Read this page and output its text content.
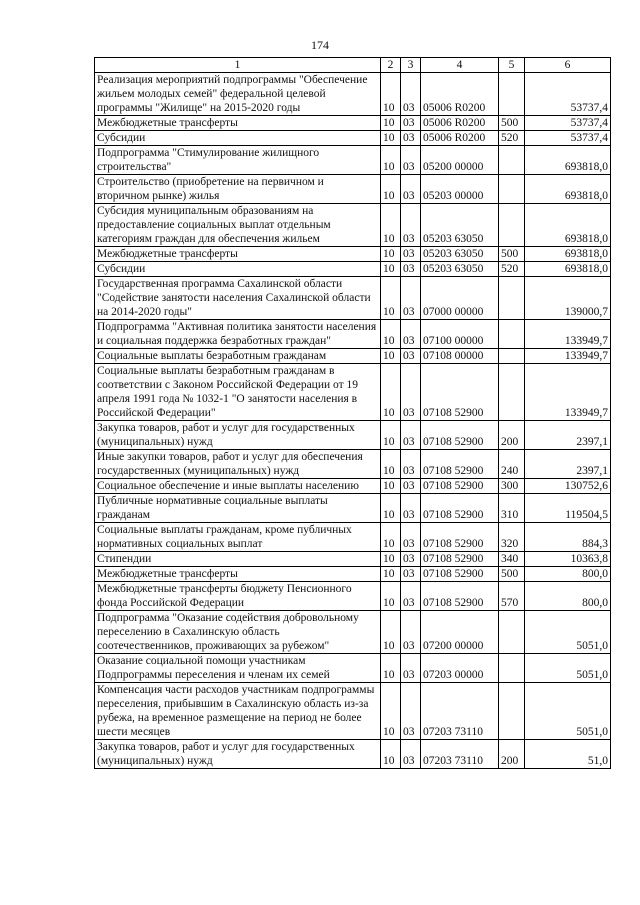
174
1	2	3	4	5	6
Реализация мероприятий подпрограммы "Обеспечение жильем молодых семей" федеральной целевой программы "Жилище" на 2015-2020 годы	10	03	05006 R0200		53737,4
Межбюджетные трансферты	10	03	05006 R0200	500	53737,4
Субсидии	10	03	05006 R0200	520	53737,4
Подпрограмма "Стимулирование жилищного строительства"	10	03	05200 00000		693818,0
Строительство (приобретение на первичном и вторичном рынке) жилья	10	03	05203 00000		693818,0
Субсидия муниципальным образованиям на предоставление социальных выплат отдельным категориям граждан для обеспечения жильем	10	03	05203 63050		693818,0
Межбюджетные трансферты	10	03	05203 63050	500	693818,0
Субсидии	10	03	05203 63050	520	693818,0
Государственная программа Сахалинской области "Содействие занятости населения Сахалинской области на 2014-2020 годы"	10	03	07000 00000		139000,7
Подпрограмма "Активная политика занятости населения и социальная поддержка безработных граждан"	10	03	07100 00000		133949,7
Социальные выплаты безработным гражданам	10	03	07108 00000		133949,7
Социальные выплаты безработным гражданам в соответствии с Законом Российской Федерации от 19 апреля 1991 года № 1032-1 "О занятости населения в Российской Федерации"	10	03	07108 52900		133949,7
Закупка товаров, работ и услуг для государственных (муниципальных) нужд	10	03	07108 52900	200	2397,1
Иные закупки товаров, работ и услуг для обеспечения государственных (муниципальных) нужд	10	03	07108 52900	240	2397,1
Социальное обеспечение и иные выплаты населению	10	03	07108 52900	300	130752,6
Публичные нормативные социальные выплаты гражданам	10	03	07108 52900	310	119504,5
Социальные выплаты гражданам, кроме публичных нормативных социальных выплат	10	03	07108 52900	320	884,3
Стипендии	10	03	07108 52900	340	10363,8
Межбюджетные трансферты	10	03	07108 52900	500	800,0
Межбюджетные трансферты бюджету Пенсионного фонда Российской Федерации	10	03	07108 52900	570	800,0
Подпрограмма "Оказание содействия добровольному переселению в Сахалинскую область соотечественников, проживающих за рубежом"	10	03	07200 00000		5051,0
Оказание социальной помощи участникам Подпрограммы переселения и членам их семей	10	03	07203 00000		5051,0
Компенсация части расходов участникам подпрограммы переселения, прибывшим в Сахалинскую область из-за рубежа, на временное размещение на период не более шести месяцев	10	03	07203 73110		5051,0
Закупка товаров, работ и услуг для государственных (муниципальных) нужд	10	03	07203 73110	200	51,0
